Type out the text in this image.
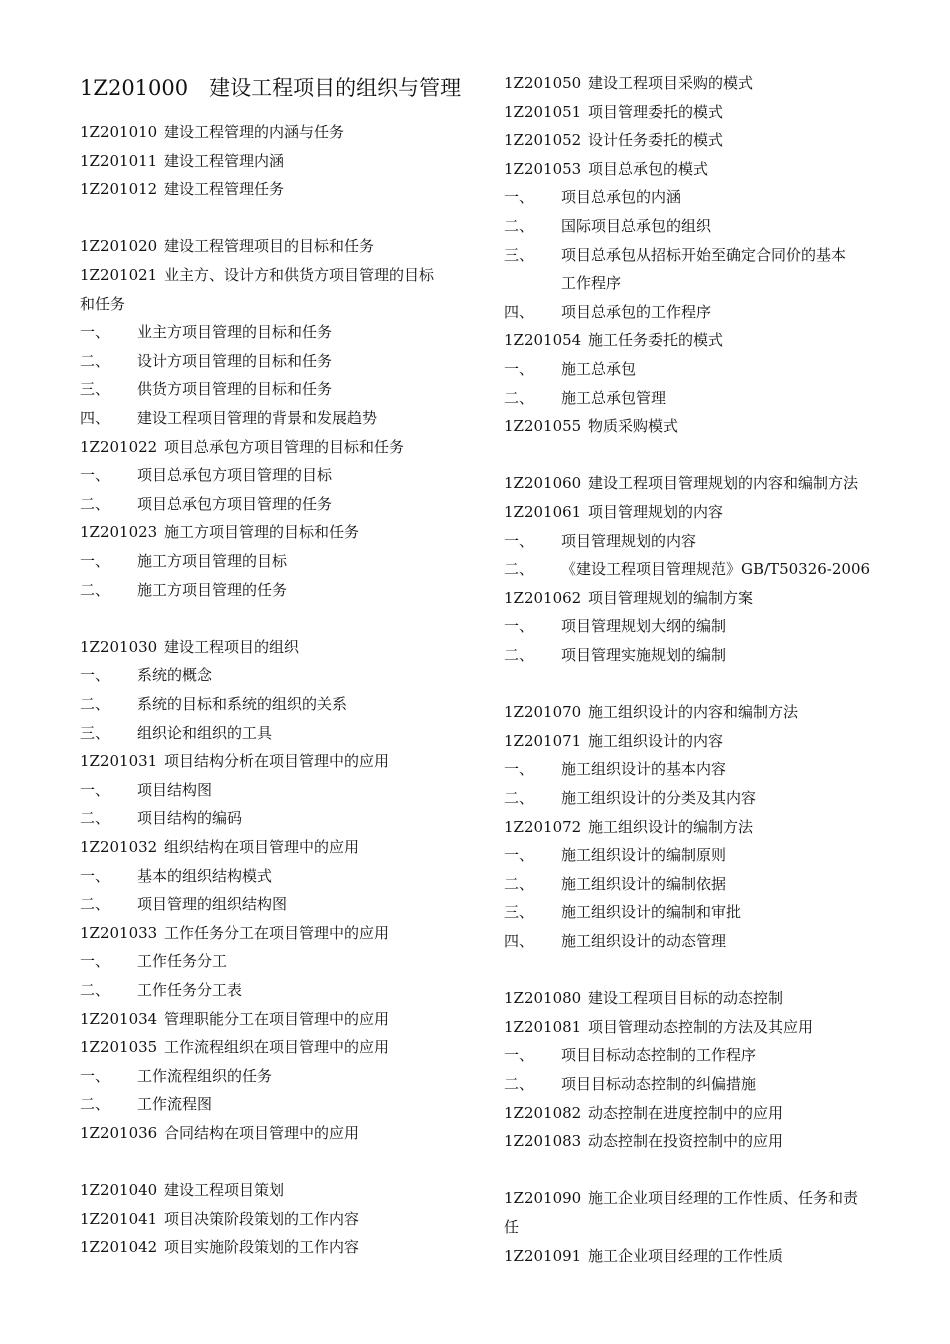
1Z201000　建设工程项目的组织与管理
1Z201010 建设工程管理的内涵与任务
1Z201011 建设工程管理内涵
1Z201012 建设工程管理任务
1Z201020 建设工程管理项目的目标和任务
1Z201021 业主方、设计方和供货方项目管理的目标
和任务
一、 业主方项目管理的目标和任务
二、 设计方项目管理的目标和任务
三、 供货方项目管理的目标和任务
四、 建设工程项目管理的背景和发展趋势
1Z201022 项目总承包方项目管理的目标和任务
一、 项目总承包方项目管理的目标
二、 项目总承包方项目管理的任务
1Z201023 施工方项目管理的目标和任务
一、 施工方项目管理的目标
二、 施工方项目管理的任务
1Z201030 建设工程项目的组织
一、 系统的概念
二、 系统的目标和系统的组织的关系
三、 组织论和组织的工具
1Z201031 项目结构分析在项目管理中的应用
一、 项目结构图
二、 项目结构的编码
1Z201032 组织结构在项目管理中的应用
一、 基本的组织结构模式
二、 项目管理的组织结构图
1Z201033 工作任务分工在项目管理中的应用
一、 工作任务分工
二、 工作任务分工表
1Z201034 管理职能分工在项目管理中的应用
1Z201035 工作流程组织在项目管理中的应用
一、 工作流程组织的任务
二、 工作流程图
1Z201036 合同结构在项目管理中的应用
1Z201040 建设工程项目策划
1Z201041 项目决策阶段策划的工作内容
1Z201042 项目实施阶段策划的工作内容
1Z201050 建设工程项目采购的模式
1Z201051 项目管理委托的模式
1Z201052 设计任务委托的模式
1Z201053 项目总承包的模式
一、 项目总承包的内涵
二、 国际项目总承包的组织
三、 项目总承包从招标开始至确定合同价的基本
工作程序
四、 项目总承包的工作程序
1Z201054 施工任务委托的模式
一、 施工总承包
二、 施工总承包管理
1Z201055 物质采购模式
1Z201060 建设工程项目管理规划的内容和编制方法
1Z201061 项目管理规划的内容
一、 项目管理规划的内容
二、 《建设工程项目管理规范》GB/T50326-2006
1Z201062 项目管理规划的编制方案
一、 项目管理规划大纲的编制
二、 项目管理实施规划的编制
1Z201070 施工组织设计的内容和编制方法
1Z201071 施工组织设计的内容
一、 施工组织设计的基本内容
二、 施工组织设计的分类及其内容
1Z201072 施工组织设计的编制方法
一、 施工组织设计的编制原则
二、 施工组织设计的编制依据
三、 施工组织设计的编制和审批
四、 施工组织设计的动态管理
1Z201080 建设工程项目目标的动态控制
1Z201081 项目管理动态控制的方法及其应用
一、 项目目标动态控制的工作程序
二、 项目目标动态控制的纠偏措施
1Z201082 动态控制在进度控制中的应用
1Z201083 动态控制在投资控制中的应用
1Z201090 施工企业项目经理的工作性质、任务和责
任
1Z201091 施工企业项目经理的工作性质
